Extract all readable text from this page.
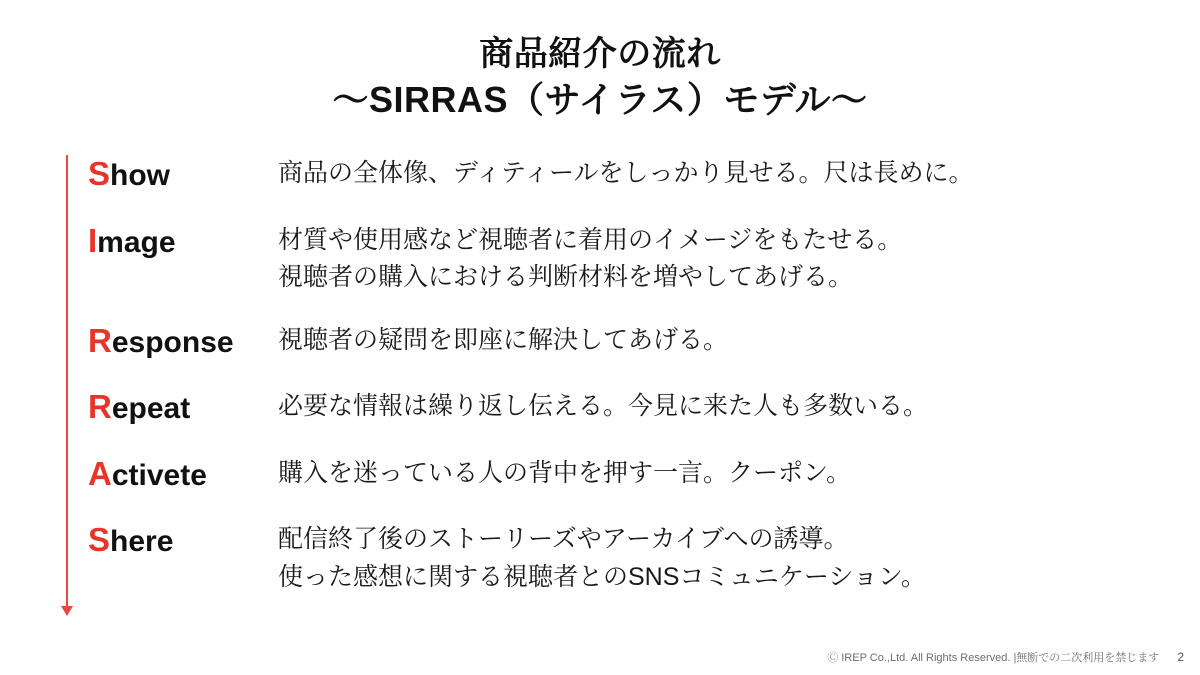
商品紹介の流れ
〜SIRRAS（サイラス）モデル〜
Show	商品の全体像、ディティールをしっかり見せる。尺は長めに。
Image	材質や使用感など視聴者に着用のイメージをもたせる。
視聴者の購入における判断材料を増やしてあげる。
Response	視聴者の疑問を即座に解決してあげる。
Repeat	必要な情報は繰り返し伝える。今見に来た人も多数いる。
Activete	購入を迷っている人の背中を押す一言。クーポン。
Shere	配信終了後のストーリーズやアーカイブへの誘導。
使った感想に関する視聴者とのSNSコミュニケーション。
Ⓒ IREP Co.,Ltd. All Rights Reserved. |無断での二次利用を禁じます 2
